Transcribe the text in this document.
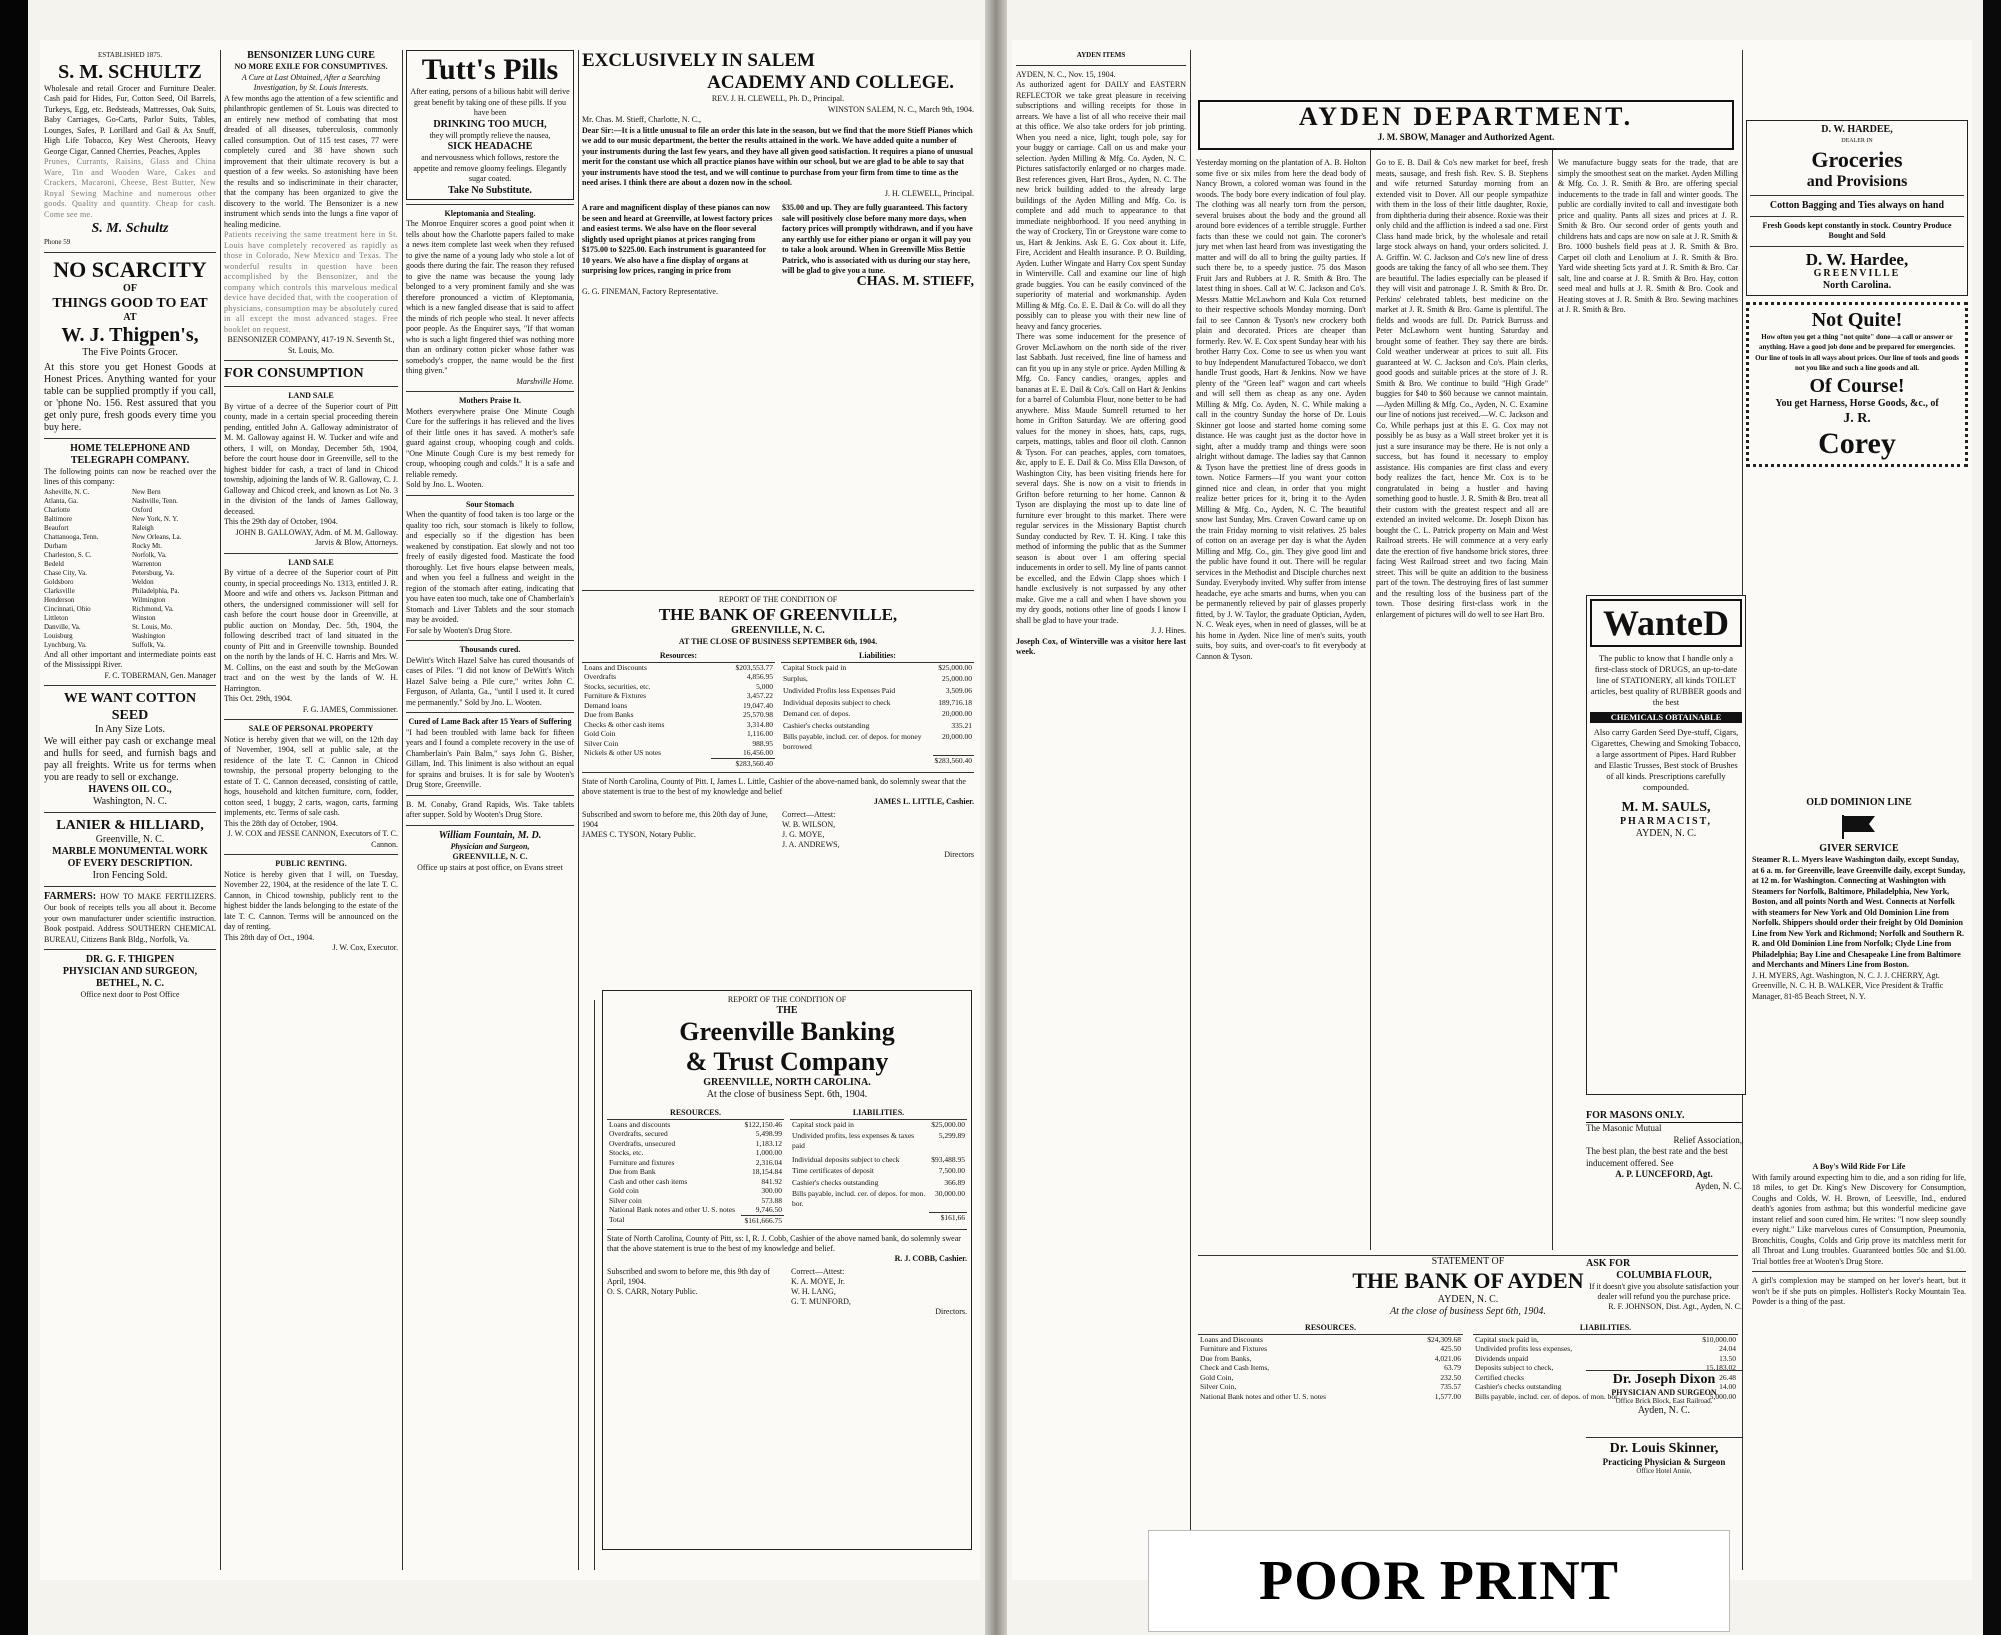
ESTABLISHED 1875.
S. M. SCHULTZ
Wholesale and retail Grocer and Furniture Dealer. Cash paid for Hides, Fur, Cotton Seed, Oil Barrels, Turkeys, Egg, etc. Bedsteads, Mattresses, Oak Suits, Baby Carriages, Go-Carts, Parlor Suits, Tables, Lounges, Safes, P. Lorillard and Gail & Ax Snuff, High Life Tobacco, Key West Cheroots, Heavy George Cigar, Canned Cherries, Peaches, Apples
Prunes, Currants, Raisins, Glass and China Ware, Tin and Wooden Ware, Cakes and Crackers, Macaroni, Cheese, Best Butter, New Royal Sewing Machine and numerous other goods. Quality and quantity. Cheap for cash. Come see me.
S. M. Schultz
Phone 59
NO SCARCITY
OF
THINGS GOOD TO EAT
AT
W. J. Thigpen's,
The Five Points Grocer.
At this store you get Honest Goods at Honest Prices. Anything wanted for your table can be supplied promptly if you call, or 'phone No. 156. Rest assured that you get only pure, fresh goods every time you buy here.
HOME TELEPHONE AND TELEGRAPH COMPANY.
The following points can now be reached over the lines of this company:
Asheville, N. C.
Atlanta, Ga.
Charlotte
Baltimore
Beaufort
Chattanooga, Tenn.
Durham
Charleston, S. C.
Bedeld
Chase City, Va.
Goldsboro
Clarksville
Henderson
Cincinnati, Ohio
Littleton
Danville, Va.
Louisburg
Lynchburg, Va.
New Bern
Nashville, Tenn.
Oxford
New York, N. Y.
Raleigh
New Orleans, La.
Rocky Mt.
Norfolk, Va.
Warrenton
Petersburg, Va.
Weldon
Philadelphia, Pa.
Wilmington
Richmond, Va.
Winston
St. Louis, Mo.
Washington
Suffolk, Va.
And all other important and intermediate points east of the Mississippi River.
F. C. TOBERMAN, Gen. Manager
WE WANT COTTON SEED
In Any Size Lots.
We will either pay cash or exchange meal and hulls for seed, and furnish bags and pay all freights. Write us for terms when you are ready to sell or exchange.
HAVENS OIL CO.,
Washington, N. C.
LANIER & HILLIARD,
Greenville, N. C.
MARBLE MONUMENTAL WORK
OF EVERY DESCRIPTION.
Iron Fencing Sold.
FARMERS: HOW TO MAKE FERTILIZERS. Our book of receipts tells you all about it. Become your own manufacturer under scientific instruction. Book postpaid. Address SOUTHERN CHEMICAL BUREAU, Citizens Bank Bldg., Norfolk, Va.
DR. G. F. THIGPEN
PHYSICIAN AND SURGEON,
BETHEL, N. C.
Office next door to Post Office
BENSONIZER LUNG CURE
NO MORE EXILE FOR CONSUMPTIVES.
A Cure at Last Obtained, After a Searching Investigation, by St. Louis Interests.
A few months ago the attention of a few scientific and philanthropic gentlemen of St. Louis was directed to an entirely new method of combating that most dreaded of all diseases, tuberculosis, commonly called consumption. Out of 115 test cases, 77 were completely cured and 38 have shown such improvement that their ultimate recovery is but a question of a few weeks. So astonishing have been the results and so indiscriminate in their character, that the company has been organized to give the discovery to the world. The Bensonizer is a new instrument which sends into the lungs a fine vapor of healing medicine.
Patients receiving the same treatment here in St. Louis have completely recovered as rapidly as those in Colorado, New Mexico and Texas. The wonderful results in question have been accomplished by the Bensonizer, and the company which controls this marvelous medical device have decided that, with the cooperation of physicians, consumption may be absolutely cured in all except the most advanced stages. Free booklet on request.
BENSONIZER COMPANY, 417-19 N. Seventh St., St. Louis, Mo.
FOR CONSUMPTION
LAND SALE
By virtue of a decree of the Superior court of Pitt county, made in a certain special proceeding therein pending, entitled John A. Galloway administrator of M. M. Galloway against H. W. Tucker and wife and others, I will, on Monday, December 5th, 1904, before the court house door in Greenville, sell to the highest bidder for cash, a tract of land in Chicod township, adjoining the lands of W. R. Galloway, C. J. Galloway and Chicod creek, and known as Lot No. 3 in the division of the lands of James Galloway, deceased.
This the 29th day of October, 1904.
JOHN B. GALLOWAY, Adm. of M. M. Galloway. Jarvis & Blow, Attorneys.
LAND SALE
By virtue of a decree of the Superior court of Pitt county, in special proceedings No. 1313, entitled J. R. Moore and wife and others vs. Jackson Pittman and others, the undersigned commissioner will sell for cash before the court house door in Greenville, at public auction on Monday, Dec. 5th, 1904, the following described tract of land situated in the county of Pitt and in Greenville township. Bounded on the north by the lands of H. C. Harris and Mrs. W. M. Collins, on the east and south by the McGowan tract and on the west by the lands of W. H. Harrington.
This Oct. 29th, 1904.
F. G. JAMES, Commissioner.
SALE OF PERSONAL PROPERTY
Notice is hereby given that we will, on the 12th day of November, 1904, sell at public sale, at the residence of the late T. C. Cannon in Chicod township, the personal property belonging to the estate of T. C. Cannon deceased, consisting of cattle, hogs, household and kitchen furniture, corn, fodder, cotton seed, 1 buggy, 2 carts, wagon, carts, farming implements, etc. Terms of sale cash.
This the 28th day of October, 1904.
J. W. COX and JESSE CANNON, Executors of T. C. Cannon.
PUBLIC RENTING.
Notice is hereby given that I will, on Tuesday, November 22, 1904, at the residence of the late T. C. Cannon, in Chicod township, publicly rent to the highest bidder the lands belonging to the estate of the late T. C. Cannon. Terms will be announced on the day of renting.
This 28th day of Oct., 1904.
J. W. Cox, Executor.
Tutt's Pills
After eating, persons of a bilious habit will derive great benefit by taking one of these pills. If you have been
DRINKING TOO MUCH,
they will promptly relieve the nausea,
SICK HEADACHE
and nervousness which follows, restore the appetite and remove gloomy feelings. Elegantly sugar coated.
Take No Substitute.
Kleptomania and Stealing.
The Monroe Enquirer scores a good point when it tells about how the Charlotte papers failed to make a news item complete last week when they refused to give the name of a young lady who stole a lot of goods there during the fair. The reason they refused to give the name was because the young lady belonged to a very prominent family and she was therefore pronounced a victim of Kleptomania, which is a new fangled disease that is said to affect the minds of rich people who steal. It never affects poor people. As the Enquirer says, "If that woman who is such a light fingered thief was nothing more than an ordinary cotton picker whose father was somebody's cropper, the name would be the first thing given."
Marshville Home.
Mothers Praise It.
Mothers everywhere praise One Minute Cough Cure for the sufferings it has relieved and the lives of their little ones it has saved. A mother's safe guard against croup, whooping cough and colds. "One Minute Cough Cure is my best remedy for croup, whooping cough and colds." It is a safe and reliable remedy.
Sold by Jno. L. Wooten.
Sour Stomach
When the quantity of food taken is too large or the quality too rich, sour stomach is likely to follow, and especially so if the digestion has been weakened by constipation. Eat slowly and not too freely of easily digested food. Masticate the food thoroughly. Let five hours elapse between meals, and when you feel a fullness and weight in the region of the stomach after eating, indicating that you have eaten too much, take one of Chamberlain's Stomach and Liver Tablets and the sour stomach may be avoided.
For sale by Wooten's Drug Store.
Thousands cured.
DeWitt's Witch Hazel Salve has cured thousands of cases of Piles. "I did not know of DeWitt's Witch Hazel Salve being a Pile cure," writes John C. Ferguson, of Atlanta, Ga., "until I used it. It cured me permanently." Sold by Jno. L. Wooten.
Cured of Lame Back after 15 Years of Suffering
"I had been troubled with lame back for fifteen years and I found a complete recovery in the use of Chamberlain's Pain Balm," says John G. Bisher, Gillam, Ind. This liniment is also without an equal for sprains and bruises. It is for sale by Wooten's Drug Store, Greenville.
B. M. Conaby, Grand Rapids, Wis. Take tablets after supper. Sold by Wooten's Drug Store.
William Fountain, M. D.
Physician and Surgeon,
GREENVILLE, N. C.
Office up stairs at post office, on Evans street
EXCLUSIVELY IN SALEM
ACADEMY AND COLLEGE.
REV. J. H. CLEWELL, Ph. D., Principal.
WINSTON SALEM, N. C., March 9th, 1904.
Mr. Chas. M. Stieff, Charlotte, N. C.,
Dear Sir:—It is a little unusual to file an order this late in the season, but we find that the more Stieff Pianos which we add to our music department, the better the results attained in the work. We have added quite a number of your instruments during the last few years, and they have all given good satisfaction. It requires a piano of unusual merit for the constant use which all practice pianos have within our school, but we are glad to be able to say that your instruments have stood the test, and we will continue to purchase from your firm from time to time as the need arises. I think there are about a dozen now in the school.
J. H. CLEWELL, Principal.
A rare and magnificent display of these pianos can now be seen and heard at Greenville, at lowest factory prices and easiest terms. We also have on the floor several slightly used upright pianos at prices ranging from $175.00 to $225.00. Each instrument is guaranteed for 10 years. We also have a fine display of organs at surprising low prices, ranging in price from
$35.00 and up. They are fully guaranteed. This factory sale will positively close before many more days, when factory prices will promptly withdrawn, and if you have any earthly use for either piano or organ it will pay you to take a look around. When in Greenville Miss Bettie Patrick, who is associated with us during our stay here, will be glad to give you a tune.
CHAS. M. STIEFF,
G. G. FINEMAN, Factory Representative.
REPORT OF THE CONDITION OF
THE BANK OF GREENVILLE,
GREENVILLE, N. C.
AT THE CLOSE OF BUSINESS SEPTEMBER 6th, 1904.
Resources:	
Loans and Discounts	$203,553.77
Overdrafts	4,856.95
Stocks, securities, etc.	5,000
Furniture & Fixtures	3,457.22
Demand loans	19,047.40
Due from Banks	25,570.98
Checks & other cash items	3,314.80
Gold Coin	1,116.00
Silver Coin	988.95
Nickels & other US notes	16,456.00
	$283,560.40
Liabilities:	
Capital Stock paid in	$25,000.00
Surplus,	25,000.00
Undivided Profits less Expenses Paid	3,509.06
Individual deposits subject to check	189,716.18
Demand cer. of depos.	20,000.00
Cashier's checks outstanding	335.21
Bills payable, includ. cer. of depos. for money borrowed	20,000.00
	$283,560.40
State of North Carolina, County of Pitt. I, James L. Little, Cashier of the above-named bank, do solemnly swear that the above statement is true to the best of my knowledge and belief
JAMES L. LITTLE, Cashier.
Subscribed and sworn to before me, this 20th day of June, 1904
JAMES C. TYSON, Notary Public.
Correct—Attest:
W. B. WILSON,
J. G. MOYE,
J. A. ANDREWS,
Directors
REPORT OF THE CONDITION OF
THE
Greenville Banking
& Trust Company
GREENVILLE, NORTH CAROLINA.
At the close of business Sept. 6th, 1904.
RESOURCES.	
Loans and discounts	$122,150.46
Overdrafts, secured	5,498.99
Overdrafts, unsecured	1,183.12
Stocks, etc.	1,000.00
Furniture and fixtures	2,316.04
Due from Bank	18,154.84
Cash and other cash items	841.92
Gold coin	300.00
Silver coin	573.88
National Bank notes and other U. S. notes	9,746.50
Total	$161,666.75
LIABILITIES.	
Capital stock paid in	$25,000.00
Undivided profits, less expenses & taxes paid	5,299.89
Individual deposits subject to check	$93,488.95
Time certificates of deposit	7,500.00
Cashier's checks outstanding	366.89
Bills payable, includ. cer. of depos. for mon. bor.	30,000.00
	$161,66
State of North Carolina, County of Pitt, ss: I, R. J. Cobb, Cashier of the above named bank, do solemnly swear that the above statement is true to the best of my knowledge and belief.
R. J. COBB, Cashier.
Subscribed and sworn to before me, this 9th day of April, 1904.
O. S. CARR, Notary Public.
Correct—Attest:
K. A. MOYE, Jr.
W. H. LANG,
G. T. MUNFORD,
Directors.
AYDEN ITEMS
AYDEN, N. C., Nov. 15, 1904.
As authorized agent for DAILY and EASTERN REFLECTOR we take great pleasure in receiving subscriptions and willing receipts for those in arrears. We have a list of all who receive their mail at this office. We also take orders for job printing. When you need a nice, light, tough pole, say for your buggy or carriage. Call on us and make your selection. Ayden Milling & Mfg. Co. Ayden, N. C. Pictures satisfactorily enlarged or no charges made. Best references given, Hart Bros., Ayden, N. C. The new brick building added to the already large buildings of the Ayden Milling and Mfg. Co. is complete and add much to appearance to that immediate neighborhood. If you need anything in the way of Crockery, Tin or Greystone ware come to us, Hart & Jenkins. Ask E. G. Cox about it. Life, Fire, Accident and Health insurance. P. O. Building, Ayden. Luther Wingate and Harry Cox spent Sunday in Winterville. Call and examine our line of high grade buggies. You can be easily convinced of the superiority of material and workmanship. Ayden Milling & Mfg. Co. E. E. Dail & Co. will do all they possibly can to please you with their new line of heavy and fancy groceries.
There was some inducement for the presence of Grover McLawhorn on the north side of the river last Sabbath. Just received, fine line of harness and can fit you up in any style or price. Ayden Milling & Mfg. Co. Fancy candies, oranges, apples and bananas at E. E. Dail & Co's. Call on Hart & Jenkins for a barrel of Columbia Flour, none better to be had anywhere. Miss Maude Sumrell returned to her home in Grifton Saturday. We are offering good values for the money in shoes, hats, caps, rugs, carpets, mattings, tables and floor oil cloth. Cannon & Tyson. For can peaches, apples, corn tomatoes, &c, apply to E. E. Dail & Co. Miss Ella Dawson, of Washington City, has been visiting friends here for several days. She is now on a visit to friends in Grifton before returning to her home. Cannon & Tyson are displaying the most up to date line of furniture ever brought to this market. There were regular services in the Missionary Baptist church Sunday conducted by Rev. T. H. King. I take this method of informing the public that as the Summer season is about over I am offering special inducements in order to sell. My line of pants cannot be excelled, and the Edwin Clapp shoes which I handle exclusively is not surpassed by any other make. Give me a call and when I have shown you my dry goods, notions other line of goods I know I shall be glad to have your trade.
J. J. Hines.
Joseph Cox, of Winterville was a visitor here last week.
AYDEN DEPARTMENT.
J. M. SBOW, Manager and Authorized Agent.
Yesterday morning on the plantation of A. B. Holton some five or six miles from here the dead body of Nancy Brown, a colored woman was found in the woods. The body bore every indication of foul play. The clothing was all nearly torn from the person, several bruises about the body and the ground all around bore evidences of a terrible struggle. Further facts than these we could not gain. The coroner's jury met when last heard from was investigating the matter and will do all to bring the guilty parties. If such there be, to a speedy justice. 75 dos Mason Fruit Jars and Rubbers at J. R. Smith & Bro. The latest thing in shoes. Call at W. C. Jackson and Co's. Messrs Mattie McLawhorn and Kula Cox returned to their respective schools Monday morning. Don't fail to see Cannon & Tyson's new crockery both plain and decorated. Prices are cheaper than formerly. Rev. W. E. Cox spent Sunday hear with his brother Harry Cox. Come to see us when you want to buy Independent Manufactured Tobacco, we don't handle Trust goods, Hart & Jenkins. Now we have plenty of the "Green leaf" wagon and cart wheels and will sell them as cheap as any one. Ayden Milling & Mfg. Co. Ayden, N. C. While making a call in the country Sunday the horse of Dr. Louis Skinner got loose and started home coming some distance. He was caught just as the doctor hove in sight, after a muddy tramp and things were soon alright without damage. The ladies say that Cannon & Tyson have the prettiest line of dress goods in town. Notice Farmers—If you want your cotton ginned nice and clean, in order that you might realize better prices for it, bring it to the Ayden Milling & Mfg. Co., Ayden, N. C. The beautiful snow last Sunday, Mrs. Craven Coward came up on the train Friday morning to visit relatives. 25 bales of cotton on an average per day is what the Ayden Milling and Mfg. Co., gin. They give good lint and the public have found it out. There will be regular services in the Methodist and Disciple churches next Sunday. Everybody invited. Why suffer from intense headache, eye ache smarts and burns, when you can be permanently relieved by pair of glasses properly fitted, by J. W. Taylor, the graduate Optician, Ayden, N. C. Weak eyes, when in need of glasses, will be at his home in Ayden. Nice line of men's suits, youth suits, boy suits, and over-coat's to fit everybody at Cannon & Tyson.
Go to E. B. Dail & Co's new market for beef, fresh meats, sausage, and fresh fish. Rev. S. B. Stephens and wife returned Saturday morning from an extended visit to Dover. All our people sympathize with them in the loss of their little daughter, Roxie, from diphtheria during their absence. Roxie was their only child and the affliction is indeed a sad one. First Class hand made brick, by the wholesale and retail large stock always on hand, your orders solicited. J. A. Griffin. W. C. Jackson and Co's new line of dress goods are taking the fancy of all who see them. They are beautiful. The ladies especially can be pleased if they will visit and patronage J. R. Smith & Bro. Dr. Perkins' celebrated tablets, best medicine on the market at J. R. Smith & Bro. Game is plentiful. The fields and woods are full. Dr. Patrick Burruss and Peter McLawhorn went hunting Saturday and brought some of feather. They say there are birds. Cold weather underwear at prices to suit all. Fits guaranteed at W. C. Jackson and Co's. Plain clerks, good goods and suitable prices at the store of J. R. Smith & Bro. We continue to build "High Grade" buggies for $40 to $60 because we cannot maintain.—Ayden Milling & Mfg. Co., Ayden, N. C. Examine our line of notions just received.—W. C. Jackson and Co. While perhaps just at this E. G. Cox may not possibly be as busy as a Wall street broker yet it is just a sure insurance may be there. He is not only a success, but has found it necessary to employ assistance. His companies are first class and every body realizes the fact, hence Mr. Cox is to be congratulated in being a hustler and having something good to hustle. J. R. Smith & Bro. treat all their custom with the greatest respect and all are extended an invited welcome. Dr. Joseph Dixon has bought the C. L. Patrick property on Main and West Railroad streets. He will commence at a very early date the erection of five handsome brick stores, three facing West Railroad street and two facing Main street. This will be quite an addition to the business part of the town. The destroying fires of last summer and the resulting loss of the business part of the town. Those desiring first-class work in the enlargement of pictures will do well to see Hart Bro.
We manufacture buggy seats for the trade, that are simply the smoothest seat on the market. Ayden Milling & Mfg. Co. J. R. Smith & Bro. are offering special inducements to the trade in fall and winter goods. The public are cordially invited to call and investigate both price and quality. Pants all sizes and prices at J. R. Smith & Bro. Our second order of gents youth and childrens hats and caps are now on sale at J. R. Smith & Bro. 1000 bushels field peas at J. R. Smith & Bro. Carpet oil cloth and Lenolium at J. R. Smith & Bro. Yard wide sheeting 5cts yard at J. R. Smith & Bro. Car salt, line and coarse at J. R. Smith & Bro. Hay, cotton seed meal and hulls at J. R. Smith & Bro. Cook and Heating stoves at J. R. Smith & Bro. Sewing machines at J. R. Smith & Bro.
STATEMENT OF
THE BANK OF AYDEN
AYDEN, N. C.
At the close of business Sept 6th, 1904.
RESOURCES.	
Loans and Discounts	$24,309.68
Furniture and Fixtures	425.50
Due from Banks,	4,021.06
Check and Cash Items,	63.79
Gold Coin,	232.50
Silver Coin,	735.57
National Bank notes and other U. S. notes	1,577.00
LIABILITIES.	
Capital stock paid in,	$10,000.00
Undivided profits less expenses,	24.04
Dividends unpaid	13.50
Deposits subject to check,	15,183.02
Certified checks	26.48
Cashier's checks outstanding	14.00
Bills payable, includ. cer. of depos. of mon. bor.	5,000.00
D. W. HARDEE,
DEALER IN
Groceries
and Provisions
Cotton Bagging and Ties always on hand
Fresh Goods kept constantly in stock. Country Produce Bought and Sold
D. W. Hardee,
GREENVILLE
North Carolina.
Not Quite!
How often you get a thing "not quite" done—a call or answer or anything. Have a good job done and be prepared for emergencies. Our line of tools in all ways about prices. Our line of tools and goods not you like and such a line goods and all.
Of Course!
You get Harness, Horse Goods, &c., of
J. R.
Corey
WanteD
The public to know that I handle only a first-class stock of DRUGS, an up-to-date line of STATIONERY, all kinds TOILET articles, best quality of RUBBER goods and the best
CHEMICALS OBTAINABLE
Also carry Garden Seed Dye-stuff, Cigars, Cigarettes, Chewing and Smoking Tobacco, a large assortment of Pipes. Hard Rubber and Elastic Trusses, Best stock of Brushes of all kinds. Prescriptions carefully compounded.
M. M. SAULS,
PHARMACIST,
AYDEN, N. C.
OLD DOMINION LINE
GIVER SERVICE
Steamer R. L. Myers leave Washington daily, except Sunday, at 6 a. m. for Greenville, leave Greenville daily, except Sunday, at 12 m. for Washington. Connecting at Washington with Steamers for Norfolk, Baltimore, Philadelphia, New York, Boston, and all points North and West. Connects at Norfolk with steamers for New York and Old Dominion Line from Norfolk. Shippers should order their freight by Old Dominion Line from New York and Richmond; Norfolk and Southern R. R. and Old Dominion Line from Norfolk; Clyde Line from Philadelphia; Bay Line and Chesapeake Line from Baltimore and Merchants and Miners Line from Boston.
J. H. MYERS, Agt. Washington, N. C. J. J. CHERRY, Agt. Greenville, N. C. H. B. WALKER, Vice President & Traffic Manager, 81-85 Beach Street, N. Y.
FOR MASONS ONLY.
The Masonic Mutual
Relief Association,
The best plan, the best rate and the best inducement offered. See
A. P. LUNCEFORD, Agt.
Ayden, N. C.
ASK FOR
COLUMBIA FLOUR,
If it doesn't give you absolute satisfaction your dealer will refund you the purchase price.
R. F. JOHNSON, Dist. Agt., Ayden, N. C.
Dr. Joseph Dixon
PHYSICIAN AND SURGEON
Office Brick Block, East Railroad.
Ayden, N. C.
Dr. Louis Skinner,
Practicing Physician & Surgeon
Office Hotel Annie,
A Boy's Wild Ride For Life
With family around expecting him to die, and a son riding for life, 18 miles, to get Dr. King's New Discovery for Consumption, Coughs and Colds, W. H. Brown, of Leesville, Ind., endured death's agonies from asthma; but this wonderful medicine gave instant relief and soon cured him. He writes: "I now sleep soundly every night." Like marvelous cures of Consumption, Pneumonia, Bronchitis, Coughs, Colds and Grip prove its matchless merit for all Throat and Lung troubles. Guaranteed bottles 50c and $1.00. Trial bottles free at Wooten's Drug Store.
A girl's complexion may be stamped on her lover's heart, but it won't be if she puts on pimples. Hollister's Rocky Mountain Tea. Powder is a thing of the past.
POOR PRINT
